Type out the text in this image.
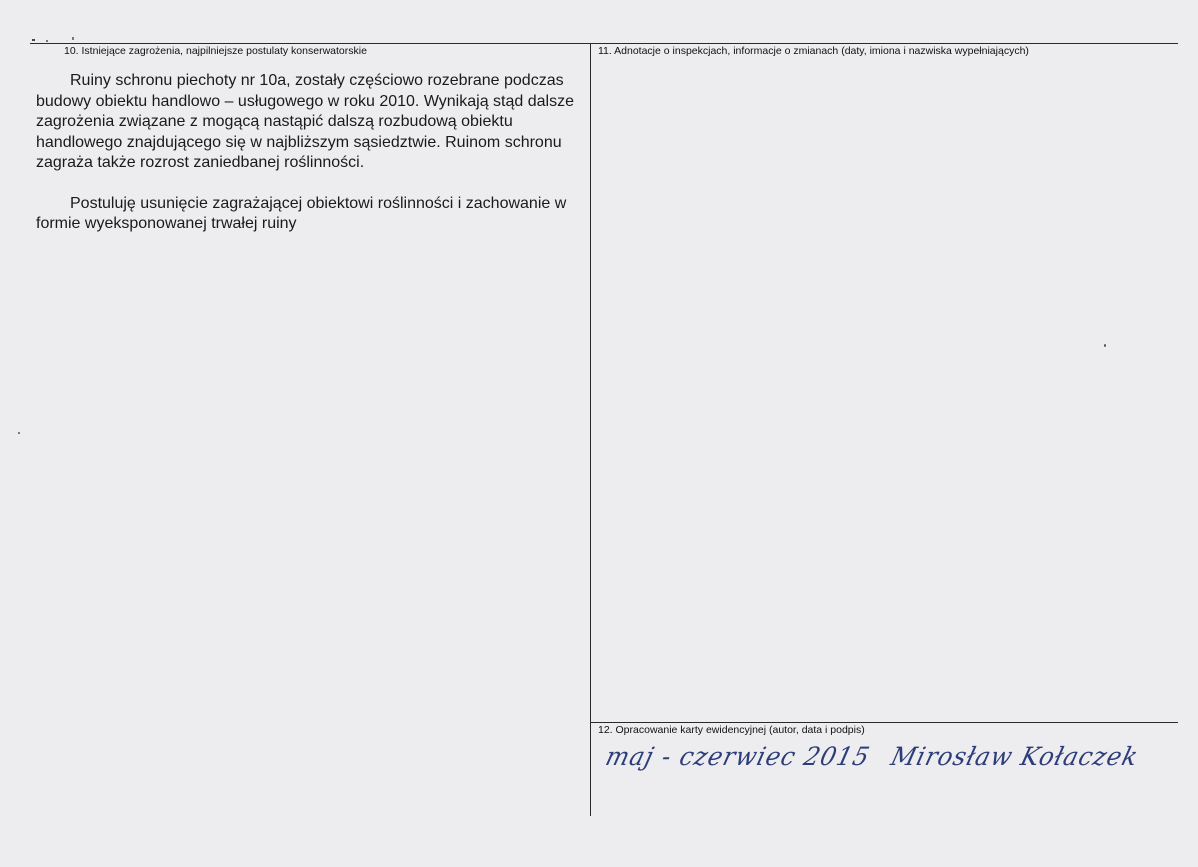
10. Istniejące zagrożenia, najpilniejsze postulaty konserwatorskie	11. Adnotacje o inspekcjach, informacje o zmianach (daty, imiona i nazwiska wypełniających)
12. Opracowanie karty ewidencyjnej (autor, data i podpis)

Ruiny schronu piechoty nr 10a, zostały częściowo rozebrane podczas budowy obiektu handlowo – usługowego w roku 2010. Wynikają stąd dalsze zagrożenia związane z mogącą nastąpić dalszą rozbudową obiektu handlowego znajdującego się w najbliższym sąsiedztwie. Ruinom schronu zagraża także rozrost zaniedbanej roślinności.

Postuluję usunięcie zagrażającej obiektowi roślinności i zachowanie w formie wyeksponowanej trwałej ruiny

maj - czerwiec 2015 Mirosław Kołaczek
